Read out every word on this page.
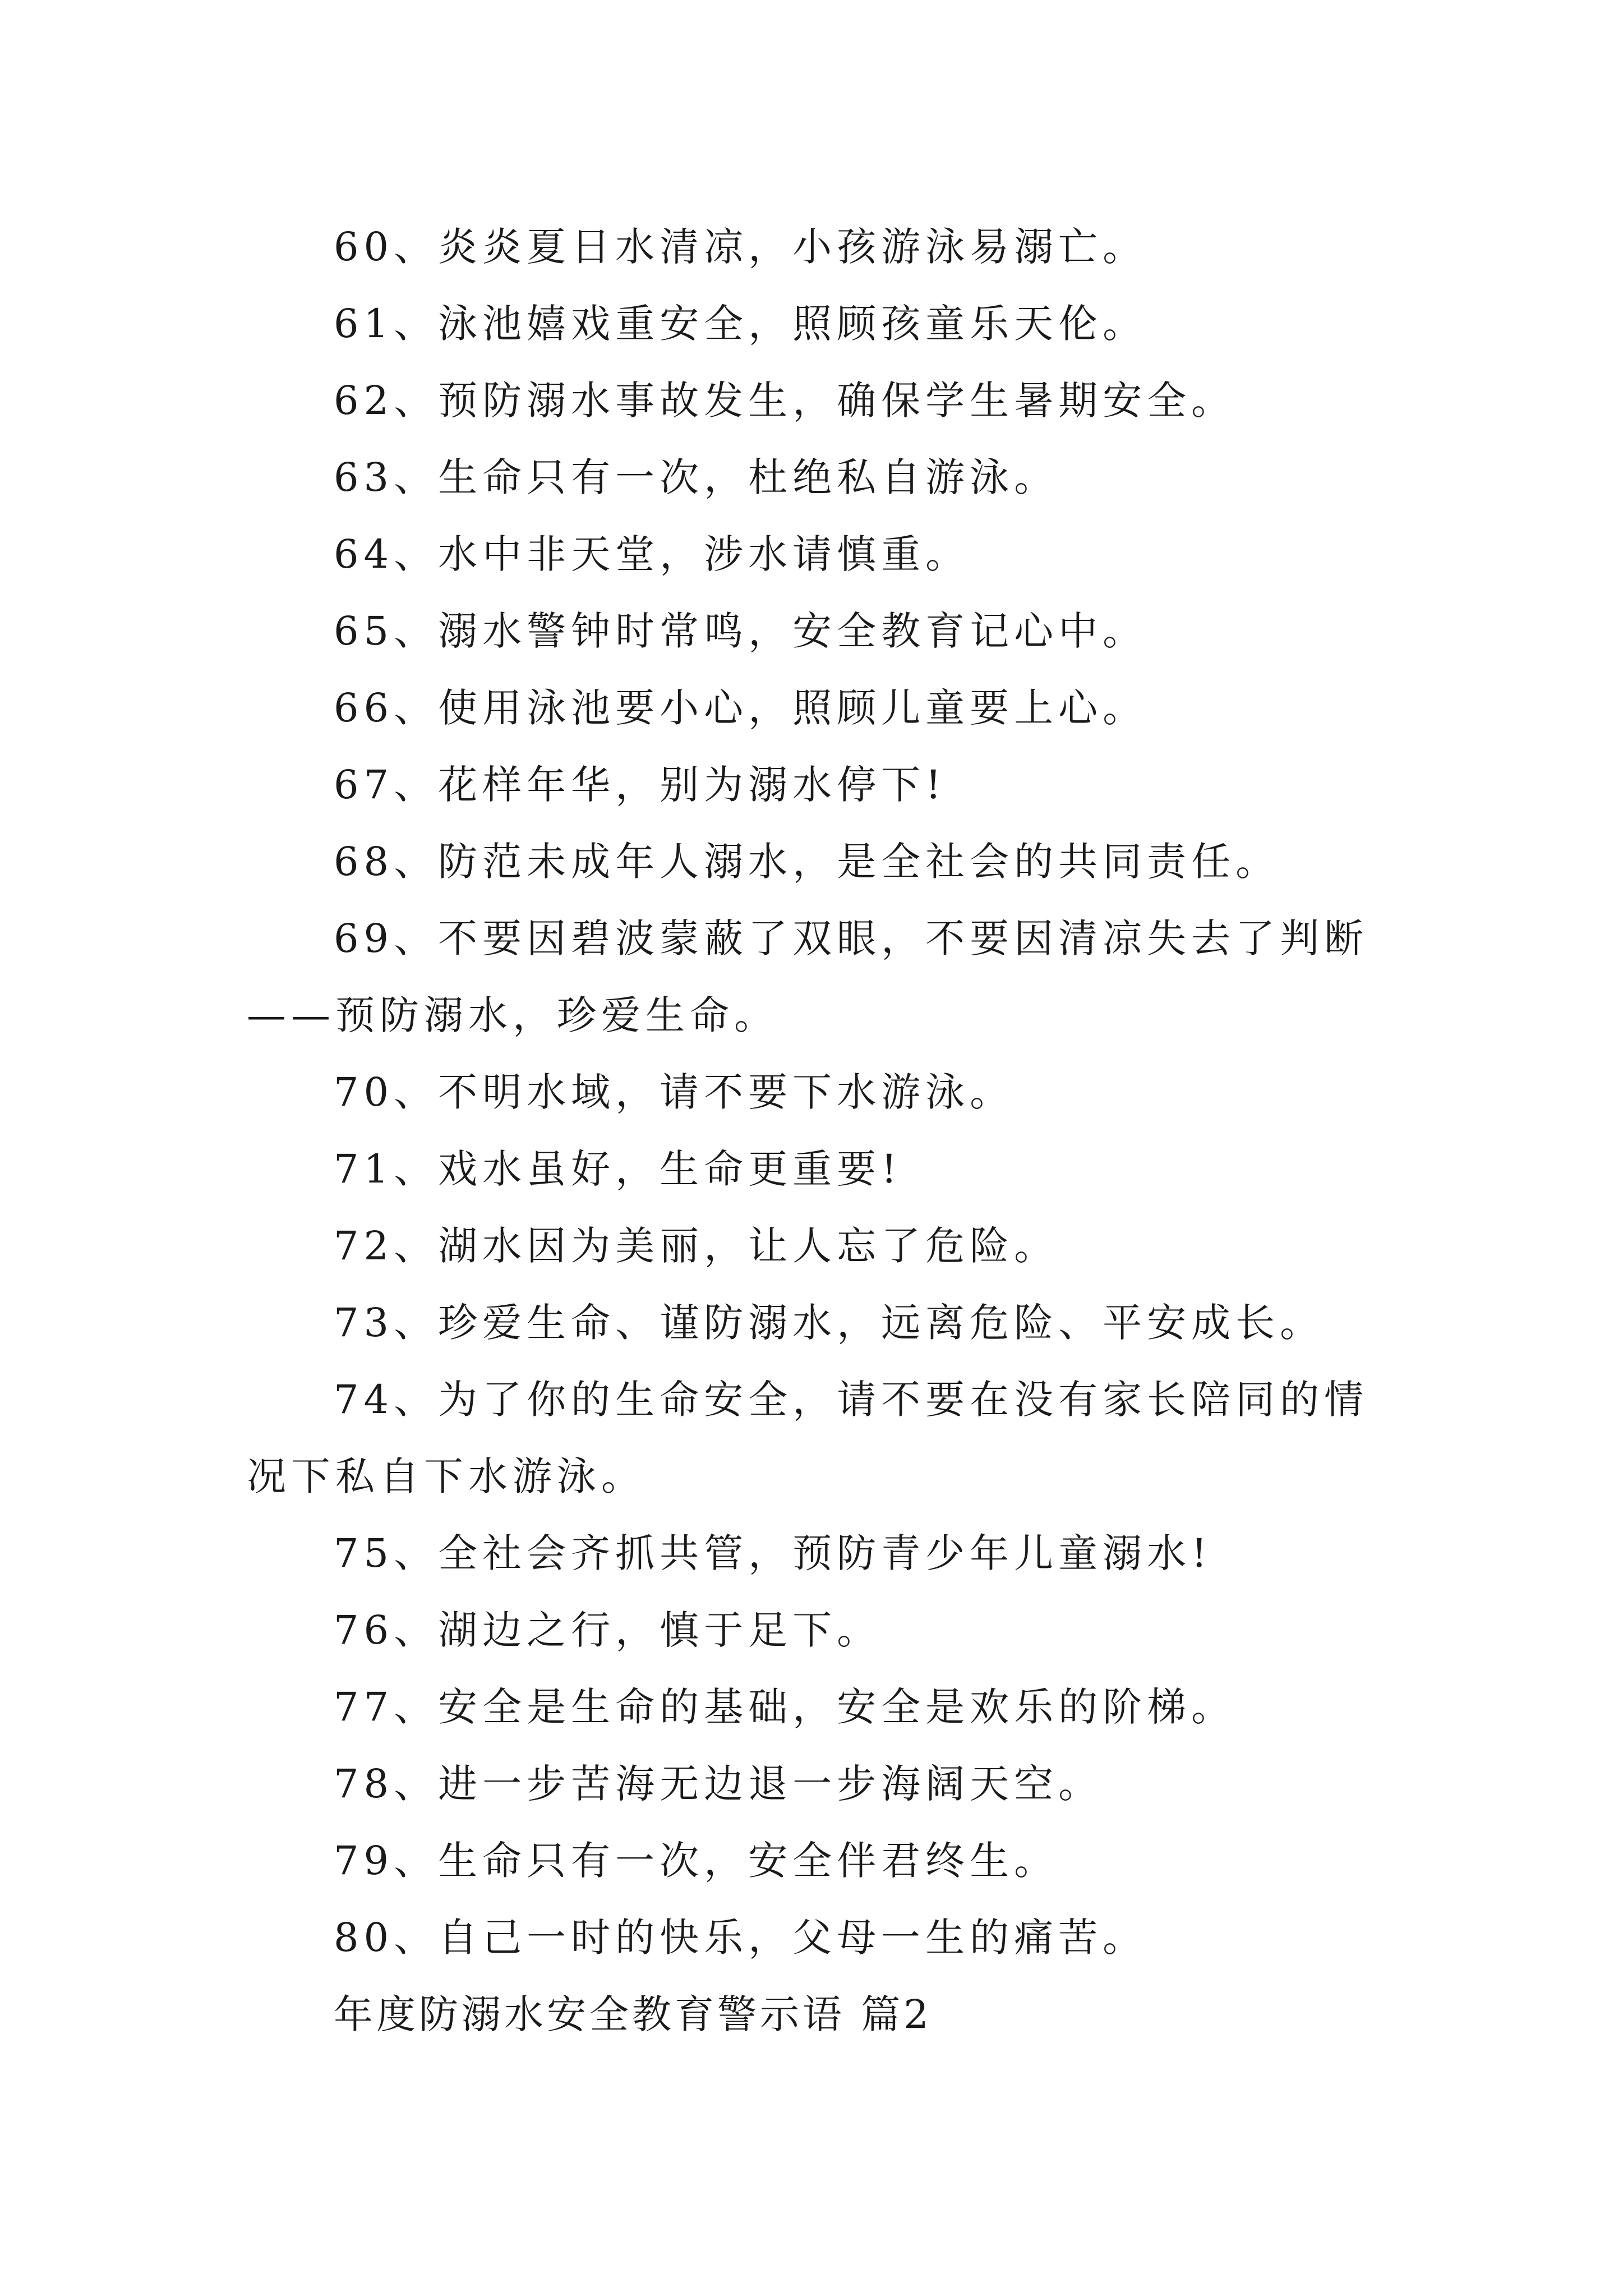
60、炎炎夏日水清凉，小孩游泳易溺亡。

61、泳池嬉戏重安全，照顾孩童乐天伦。

62、预防溺水事故发生，确保学生暑期安全。

63、生命只有一次，杜绝私自游泳。

64、水中非天堂，涉水请慎重。

65、溺水警钟时常鸣，安全教育记心中。

66、使用泳池要小心，照顾儿童要上心。

67、花样年华，别为溺水停下!

68、防范未成年人溺水，是全社会的共同责任。

69、不要因碧波蒙蔽了双眼，不要因清凉失去了判断——预防溺水，珍爱生命。

70、不明水域，请不要下水游泳。

71、戏水虽好，生命更重要!

72、湖水因为美丽，让人忘了危险。

73、珍爱生命、谨防溺水，远离危险、平安成长。

74、为了你的生命安全，请不要在没有家长陪同的情况下私自下水游泳。

75、全社会齐抓共管，预防青少年儿童溺水!

76、湖边之行，慎于足下。

77、安全是生命的基础，安全是欢乐的阶梯。

78、进一步苦海无边退一步海阔天空。

79、生命只有一次，安全伴君终生。

80、自己一时的快乐，父母一生的痛苦。

年度防溺水安全教育警示语 篇2
